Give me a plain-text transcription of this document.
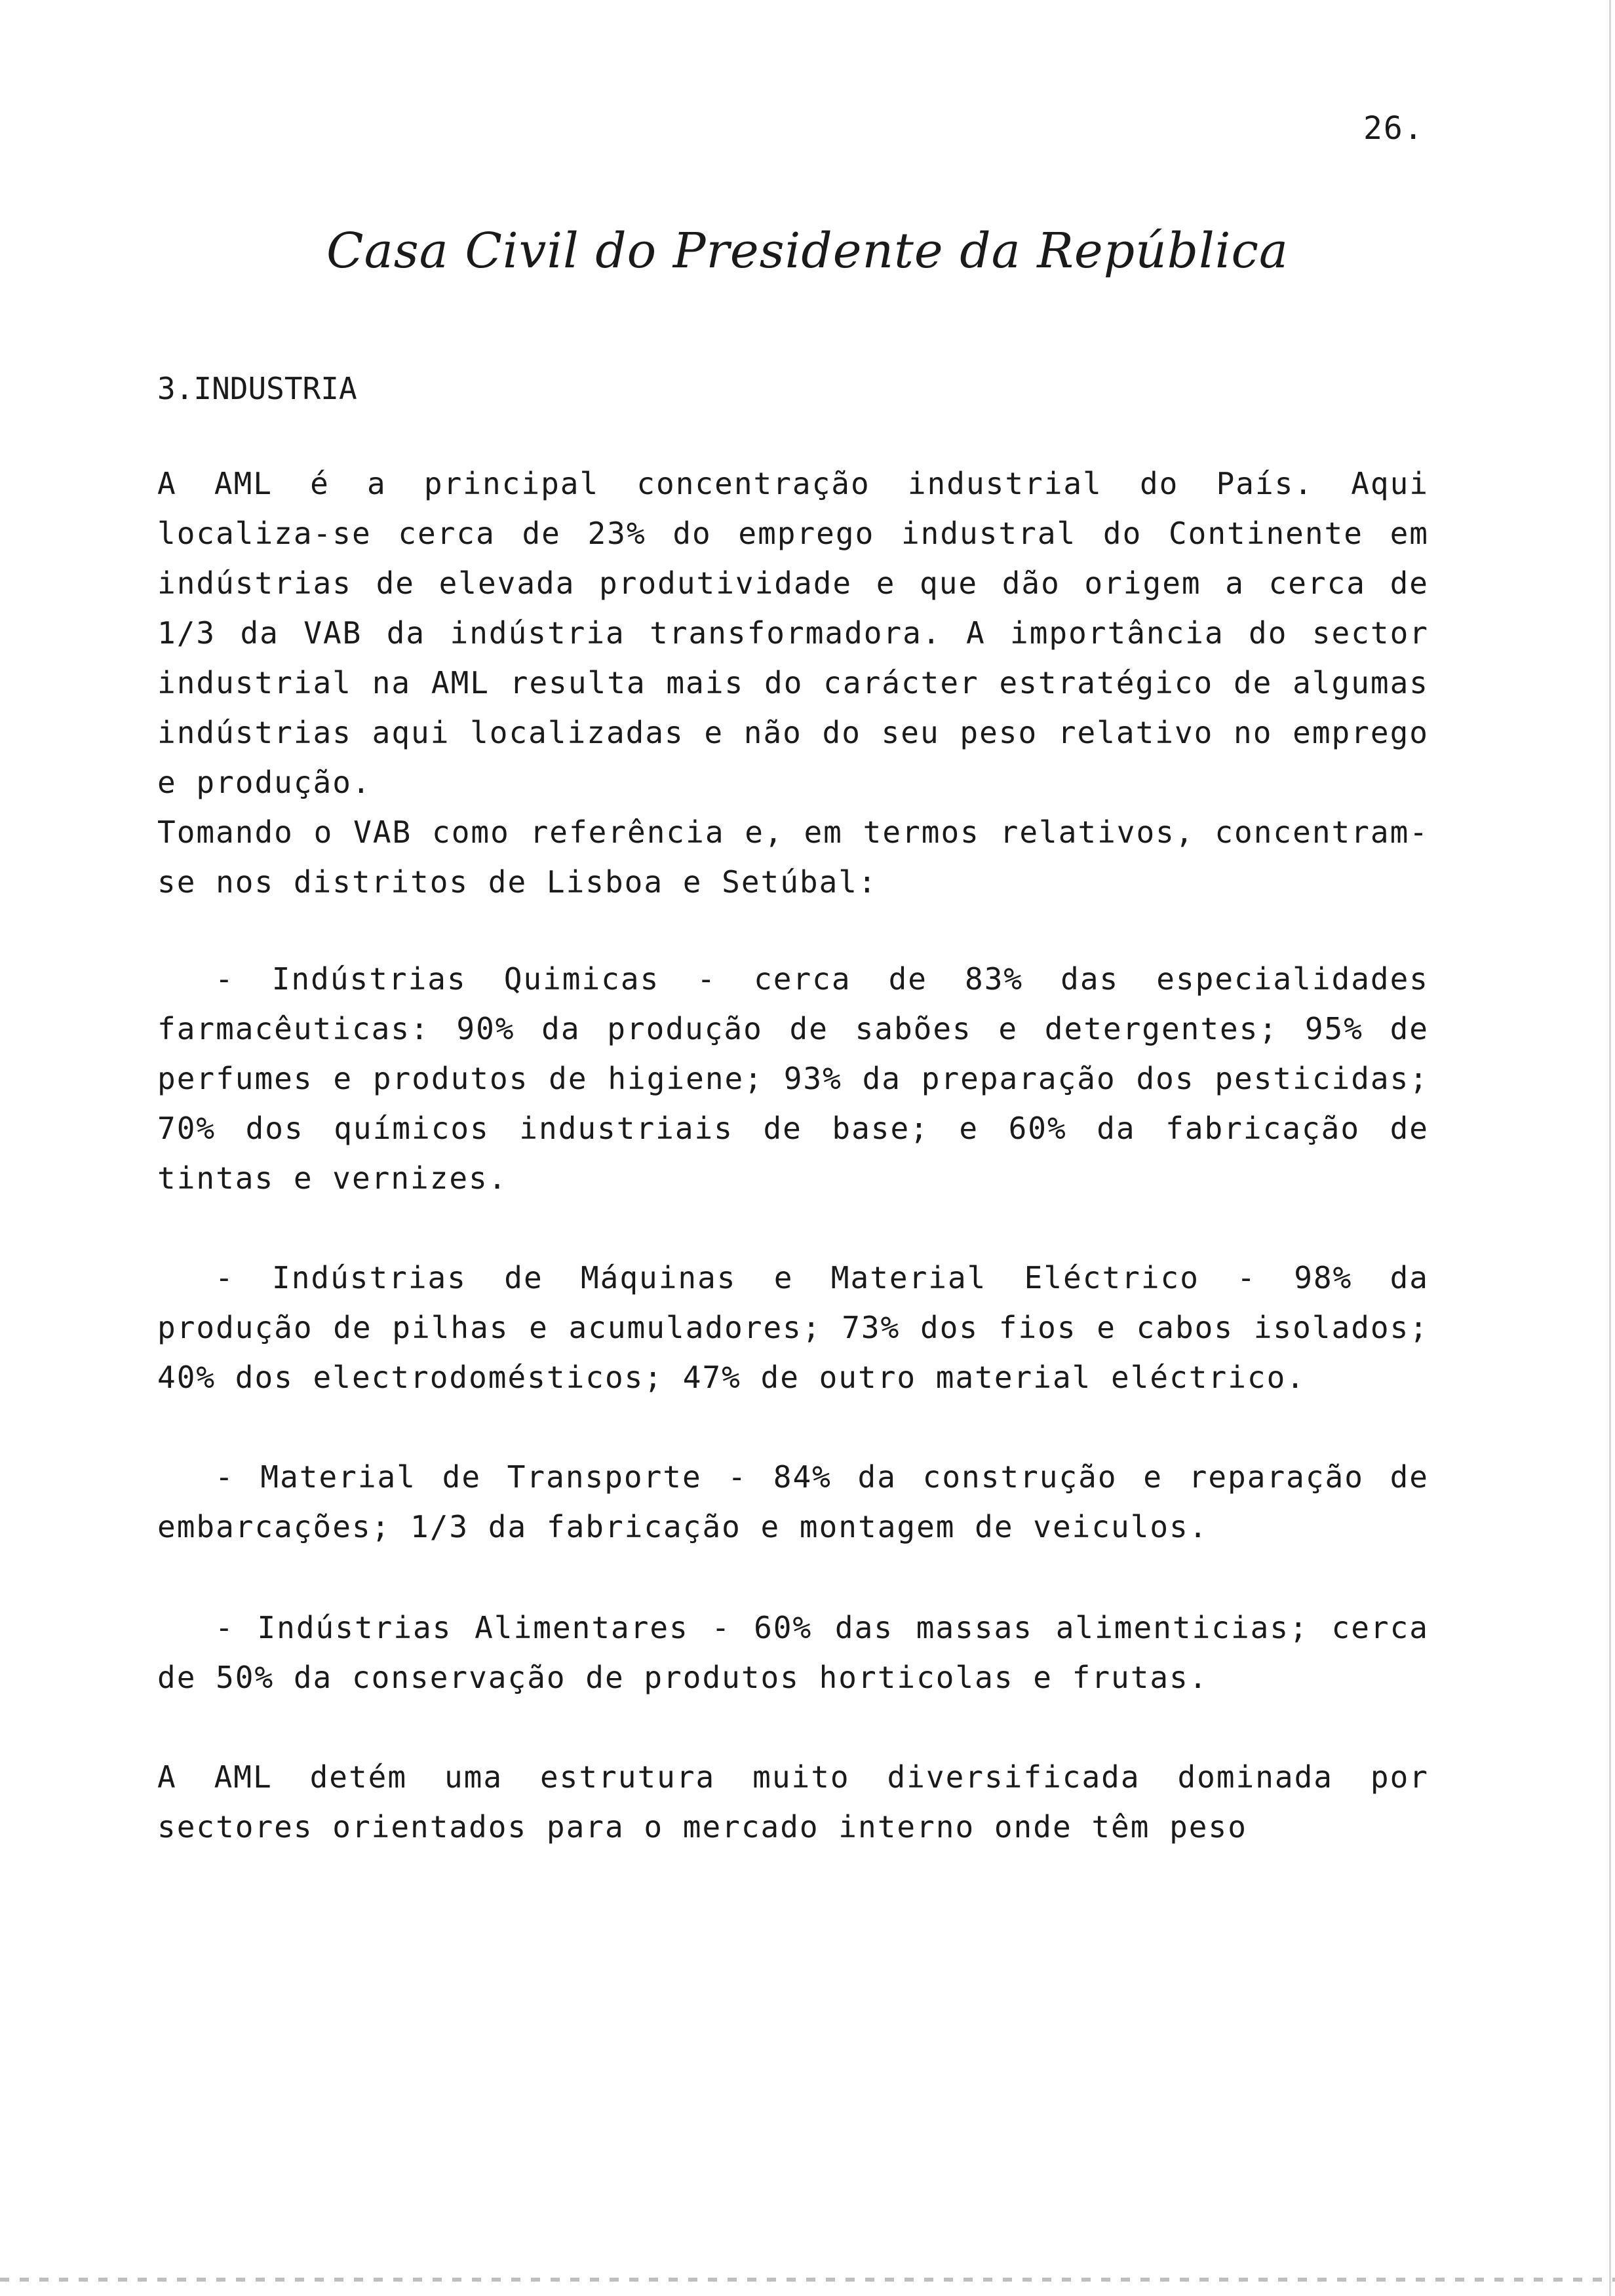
26.
Casa Civil do Presidente da República
3.INDUSTRIA
A AML é a principal concentração industrial do País. Aqui localiza-se cerca de 23% do emprego industral do Continente em indústrias de elevada produtividade e que dão origem a cerca de 1/3 da VAB da indústria transformadora. A importância do sector industrial na AML resulta mais do carácter estratégico de algumas indústrias aqui localizadas e não do seu peso relativo no emprego e produção.
Tomando o VAB como referência e, em termos relativos, concentram-se nos distritos de Lisboa e Setúbal:
- Indústrias Quimicas - cerca de 83% das especialidades farmacêuticas: 90% da produção de sabões e detergentes; 95% de perfumes e produtos de higiene; 93% da preparação dos pesticidas; 70% dos químicos industriais de base; e 60% da fabricação de tintas e vernizes.
- Indústrias de Máquinas e Material Eléctrico - 98% da produção de pilhas e acumuladores; 73% dos fios e cabos isolados; 40% dos electrodomésticos; 47% de outro material eléctrico.
- Material de Transporte - 84% da construção e reparação de embarcações; 1/3 da fabricação e montagem de veiculos.
- Indústrias Alimentares - 60% das massas alimenticias; cerca de 50% da conservação de produtos horticolas e frutas.
A AML detém uma estrutura muito diversificada dominada por sectores orientados para o mercado interno onde têm peso
